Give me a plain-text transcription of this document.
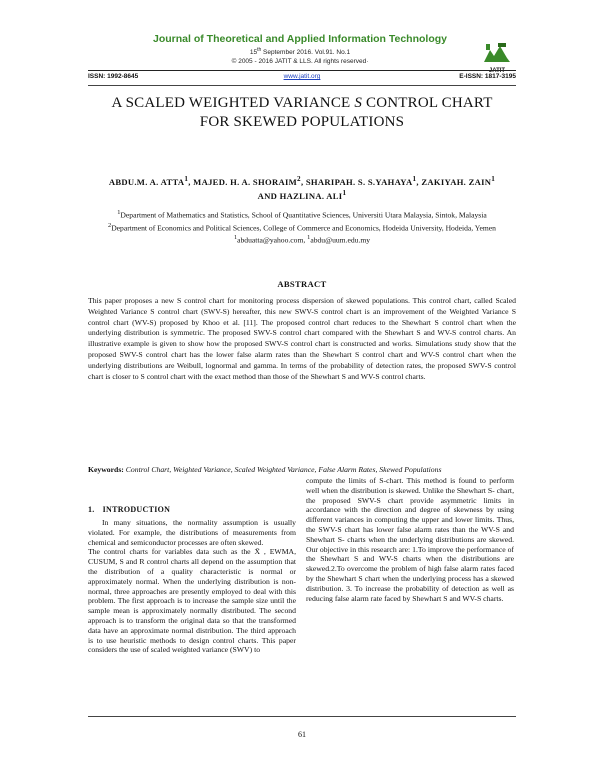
Journal of Theoretical and Applied Information Technology
15th September 2016. Vol.91. No.1
© 2005 - 2016 JATIT & LLS. All rights reserved·
JATIT
ISSN: 1992-8645	www.jatit.org	E-ISSN: 1817-3195
A SCALED WEIGHTED VARIANCE S CONTROL CHART
FOR SKEWED POPULATIONS
ABDU.M. A. ATTA$^1$, MAJED. H. A. SHORAIM$^2$, SHARIPAH. S. S.YAHAYA$^1$, ZAKIYAH. ZAIN$^1$
AND HAZLINA. ALI$^1$

$^1$Department of Mathematics and Statistics, School of Quantitative Sciences, Universiti Utara Malaysia, Sintok, Malaysia

$^2$Department of Economics and Political Sciences, College of Commerce and Economics, Hodeida University, Hodeida, Yemen

$^1$abduatta@yahoo.com, $^1$abdu@uum.edu.my

ABSTRACT
This paper proposes a new S control chart for monitoring process dispersion of skewed populations. This control chart, called Scaled Weighted Variance S control chart (SWV-S) hereafter, this new SWV-S control chart is an improvement of the Weighted Variance S control chart (WV-S) proposed by Khoo et al. [11]. The proposed control chart reduces to the Shewhart S control chart when the underlying distribution is symmetric. The proposed SWV-S control chart compared with the Shewhart S and WV-S control charts. An illustrative example is given to show how the proposed SWV-S control chart is constructed and works. Simulations study show that the proposed SWV-S control chart has the lower false alarm rates than the Shewhart S control chart and WV-S control chart when the underlying distributions are Weibull, lognormal and gamma. In terms of the probability of detection rates, the proposed SWV-S control chart is closer to S control chart with the exact method than those of the Shewhart S and WV-S control charts.
Keywords: Control Chart, Weighted Variance, Scaled Weighted Variance, False Alarm Rates, Skewed Populations
1. INTRODUCTION

In many situations, the normality assumption is usually violated. For example, the distributions of measurements from chemical and semiconductor processes are often skewed.

The control charts for variables data such as the X̄ , EWMA, CUSUM, S and R control charts all depend on the assumption that the distribution of a quality characteristic is normal or approximately normal. When the underlying distribution is non-normal, three approaches are presently employed to deal with this problem. The first approach is to increase the sample size until the sample mean is approximately normally distributed. The second approach is to transform the original data so that the transformed data have an approximate normal distribution. The third approach is to use heuristic methods to design control charts. This paper considers the use of scaled weighted variance (SWV) to

compute the limits of S-chart. This method is found to perform well when the distribution is skewed. Unlike the Shewhart S- chart, the proposed SWV-S chart provide asymmetric limits in accordance with the direction and degree of skewness by using different variances in computing the upper and lower limits. Thus, the SWV-S chart has lower false alarm rates than the WV-S and Shewhart S- charts when the underlying distributions are skewed. Our objective in this research are: 1.To improve the performance of the Shewhart S and WV-S charts when the distributions are skewed.2.To overcome the problem of high false alarm rates faced by the Shewhart S chart when the underlying process has a skewed distribution. 3. To increase the probability of detection as well as reducing false alarm rate faced by Shewhart S and WV-S charts.

61
